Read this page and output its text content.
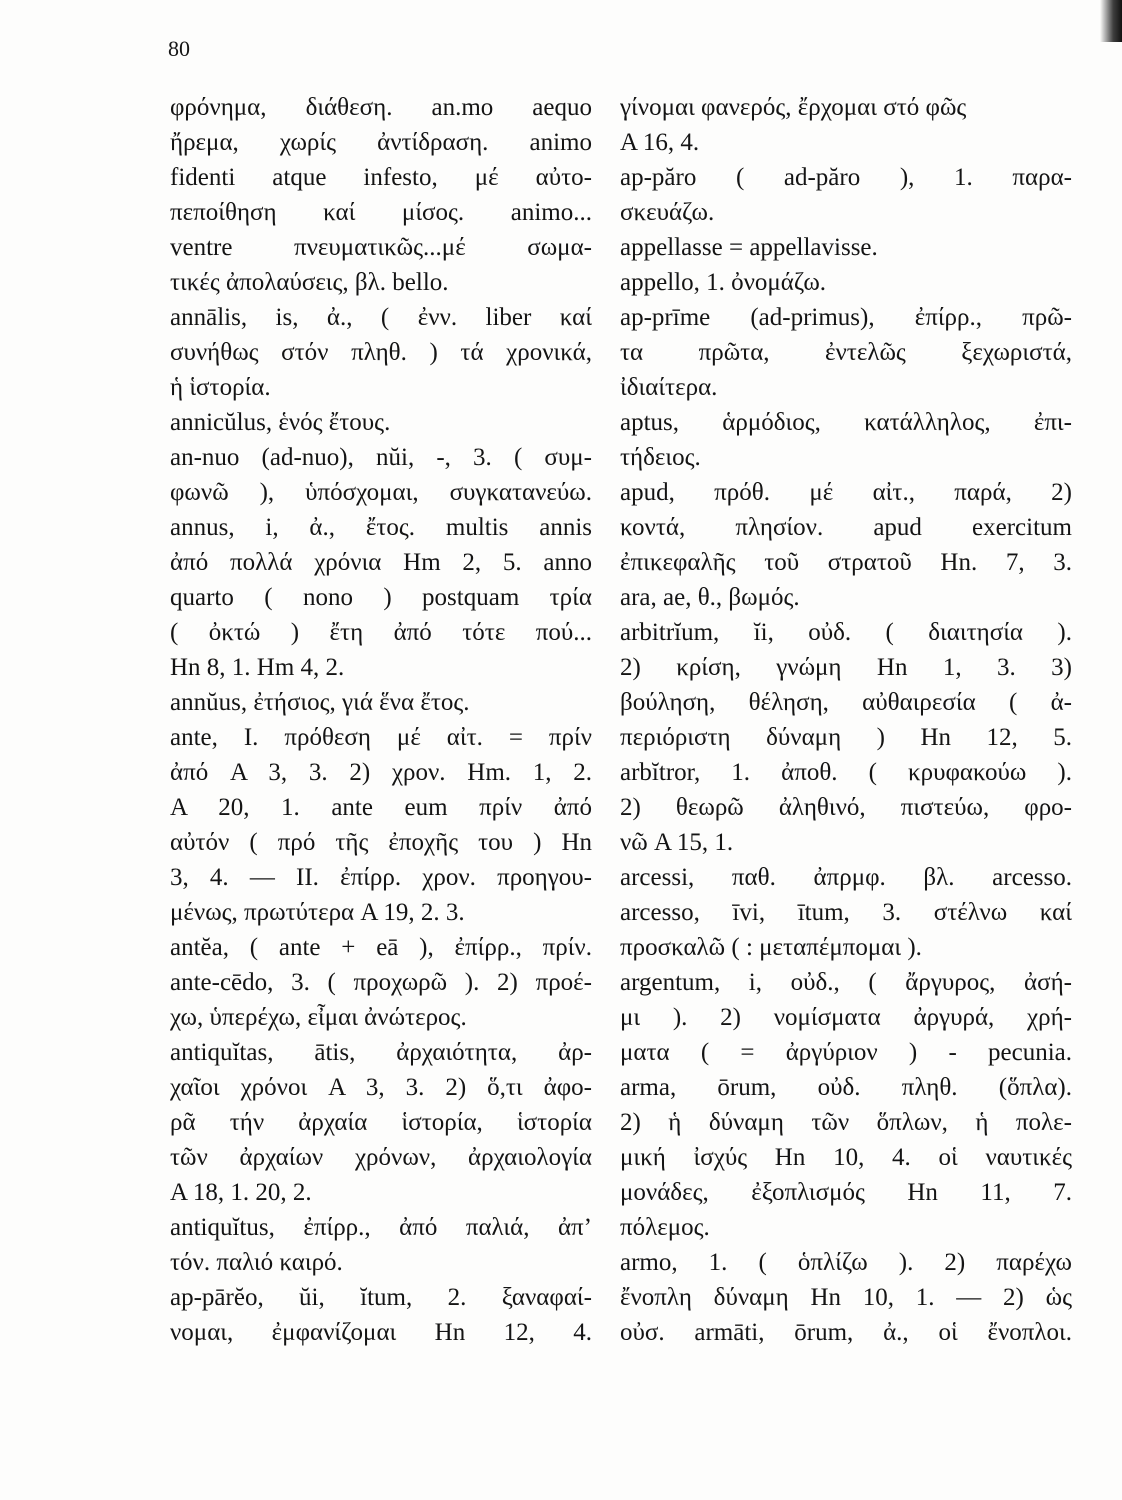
80
φρόνημα, διάθεση. an.mo aequo
ἤρεμα, χωρίς ἀντίδραση. animo
fidenti atque infesto, μέ αὐτο-
πεποίθηση καί μίσος. animo...
ventre πνευματικῶς...μέ σωμα-
τικές ἀπολαύσεις, βλ. bello.
annālis, is, ἀ., ( ἐνν. liber καί
συνήθως στόν πληθ. ) τά χρονικά,
ἡ ἱστορία.
annicŭlus, ἑνός ἔτους.
an-nuo (ad-nuo), nŭi, -, 3. ( συμ-
φωνῶ ), ὑπόσχομαι, συγκατανεύω.
annus, i, ἀ., ἔτος. multis annis
ἀπό πολλά χρόνια Hm 2, 5. anno
quarto ( nono ) postquam τρία
( ὀκτώ ) ἔτη ἀπό τότε πού...
Hn 8, 1. Hm 4, 2.
annŭus, ἐτήσιος, γιά ἕνα ἔτος.
ante, I. πρόθεση μέ αἰτ. = πρίν
ἀπό A 3, 3. 2) χρον. Hm. 1, 2.
A 20, 1. ante eum πρίν ἀπό
αὐτόν ( πρό τῆς ἐποχῆς του ) Hn
3, 4. — II. ἐπίρρ. χρον. προηγου-
μένως, πρωτύτερα A 19, 2. 3.
antĕa, ( ante + eā ), ἐπίρρ., πρίν.
ante-cēdo, 3. ( προχωρῶ ). 2) προέ-
χω, ὑπερέχω, εἶμαι ἀνώτερος.
antiquĭtas, ātis, ἀρχαιότητα, ἀρ-
χαῖοι χρόνοι A 3, 3. 2) ὅ,τι ἀφο-
ρᾶ τήν ἀρχαία ἱστορία, ἱστορία
τῶν ἀρχαίων χρόνων, ἀρχαιολογία
A 18, 1. 20, 2.
antiquĭtus, ἐπίρρ., ἀπό παλιά, ἀπ’
τόν. παλιό καιρό.
ap-pārĕo, ŭi, ĭtum, 2. ξαναφαί-
νομαι, ἐμφανίζομαι Hn 12, 4.
γίνομαι φανερός, ἔρχομαι στό φῶς
A 16, 4.
ap-păro ( ad-păro ), 1. παρα-
σκευάζω.
appellasse = appellavisse.
appello, 1. ὀνομάζω.
ap-prīme (ad-primus), ἐπίρρ., πρῶ-
τα πρῶτα, ἐντελῶς ξεχωριστά,
ἰδιαίτερα.
aptus, ἁρμόδιος, κατάλληλος, ἐπι-
τήδειος.
apud, πρόθ. μέ αἰτ., παρά, 2)
κοντά, πλησίον. apud exercitum
ἐπικεφαλῆς τοῦ στρατοῦ Hn. 7, 3.
ara, ae, θ., βωμός.
arbitrĭum, ĭi, οὐδ. ( διαιτησία ).
2) κρίση, γνώμη Hn 1, 3. 3)
βούληση, θέληση, αὐθαιρεσία ( ἀ-
περιόριστη δύναμη ) Hn 12, 5.
arbĭtror, 1. ἀποθ. ( κρυφακούω ).
2) θεωρῶ ἀληθινό, πιστεύω, φρο-
νῶ A 15, 1.
arcessi, παθ. ἀπρμφ. βλ. arcesso.
arcesso, īvi, ītum, 3. στέλνω καί
προσκαλῶ ( : μεταπέμπομαι ).
argentum, i, οὐδ., ( ἄργυρος, ἀσή-
μι ). 2) νομίσματα ἀργυρά, χρή-
ματα ( = ἀργύριον ) - pecunia.
arma, ōrum, οὐδ. πληθ. (ὅπλα).
2) ἡ δύναμη τῶν ὅπλων, ἡ πολε-
μική ἰσχύς Hn 10, 4. οἱ ναυτικές
μονάδες, ἐξοπλισμός Hn 11, 7.
πόλεμος.
armo, 1. ( ὁπλίζω ). 2) παρέχω
ἔνοπλη δύναμη Hn 10, 1. — 2) ὡς
οὐσ. armāti, ōrum, ἀ., οἱ ἔνοπλοι.
